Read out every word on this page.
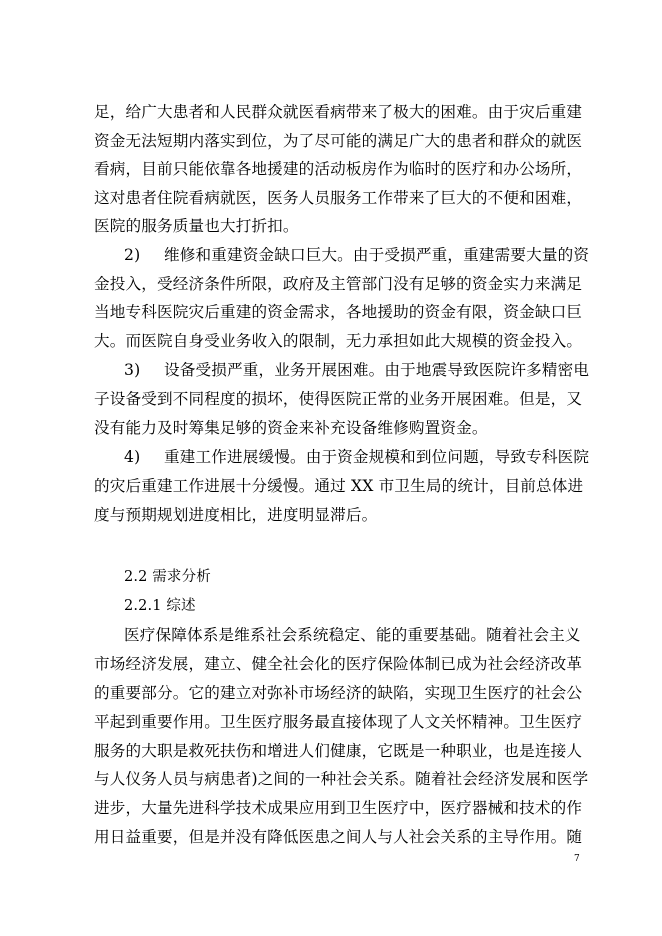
足，给广大患者和人民群众就医看病带来了极大的困难。由于灾后重建
资金无法短期内落实到位，为了尽可能的满足广大的患者和群众的就医
看病，目前只能依靠各地援建的活动板房作为临时的医疗和办公场所，
这对患者住院看病就医，医务人员服务工作带来了巨大的不便和困难，
医院的服务质量也大打折扣。
2) 维修和重建资金缺口巨大。由于受损严重，重建需要大量的资
金投入，受经济条件所限，政府及主管部门没有足够的资金实力来满足
当地专科医院灾后重建的资金需求，各地援助的资金有限，资金缺口巨
大。而医院自身受业务收入的限制，无力承担如此大规模的资金投入。
3) 设备受损严重，业务开展困难。由于地震导致医院许多精密电
子设备受到不同程度的损坏，使得医院正常的业务开展困难。但是，又
没有能力及时筹集足够的资金来补充设备维修购置资金。
4) 重建工作进展缓慢。由于资金规模和到位问题，导致专科医院
的灾后重建工作进展十分缓慢。通过 XX 市卫生局的统计，目前总体进
度与预期规划进度相比，进度明显滞后。
2.2 需求分析
2.2.1 综述
医疗保障体系是维系社会系统稳定、能的重要基础。随着社会主义
市场经济发展，建立、健全社会化的医疗保险体制已成为社会经济改革
的重要部分。它的建立对弥补市场经济的缺陷，实现卫生医疗的社会公
平起到重要作用。卫生医疗服务最直接体现了人文关怀精神。卫生医疗
服务的大职是救死扶伤和增进人们健康，它既是一种职业，也是连接人
与人仪务人员与病患者)之间的一种社会关系。随着社会经济发展和医学
进步，大量先进科学技术成果应用到卫生医疗中，医疗器械和技术的作
用日益重要，但是并没有降低医患之间人与人社会关系的主导作用。随
7
